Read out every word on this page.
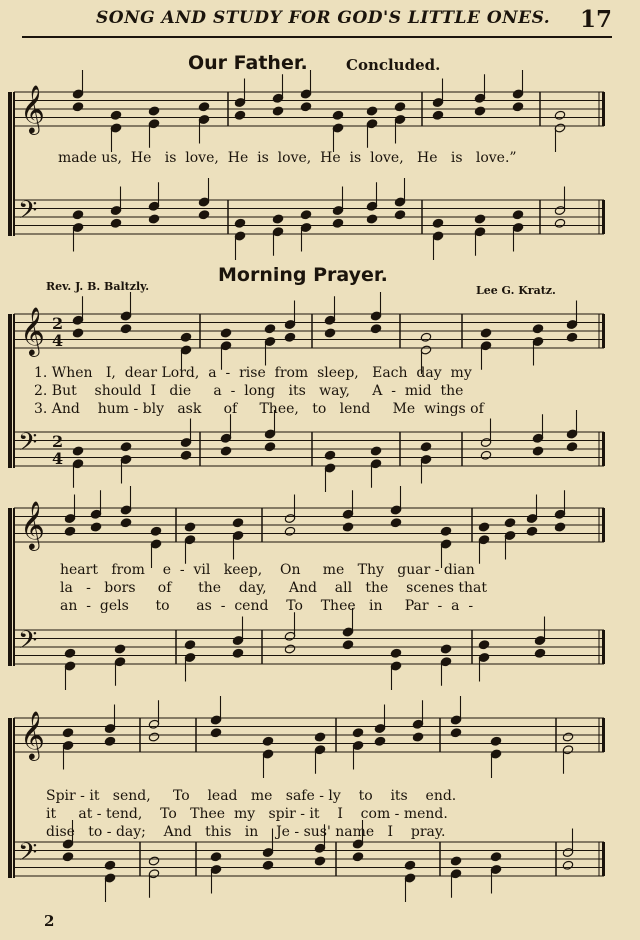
SONG AND STUDY FOR GOD'S LITTLE ONES. 17
Our Father.	Concluded.
Morning Prayer.
Rev. J. B. Baltzly.	Lee G. Kratz.
𝄞
𝄢
𝄞 2
4
𝄢 2
4
𝄞
𝄢
𝄞
𝄢
made us,  He   is  love,  He  is  love,  He  is  love,   He   is   love.”
1. When   I,  dear Lord,  a  -  rise  from  sleep,   Each  day  my
2. But    should  I   die     a  -  long   its   way,     A  -  mid  the
3. And    hum - bly   ask     of     Thee,   to   lend     Me  wings of
heart   from    e  -  vil   keep,    On     me   Thy   guar - dian
la   -   bors     of      the    day,     And    all   the    scenes that
an  -  gels      to      as  -  cend    To    Thee   in     Par  -  a  -
Spir - it   send,     To    lead   me   safe - ly    to    its    end.
it     at - tend,    To   Thee  my   spir - it    I    com - mend.
dise   to - day;    And   this   in    Je - sus' name   I    pray.
2
